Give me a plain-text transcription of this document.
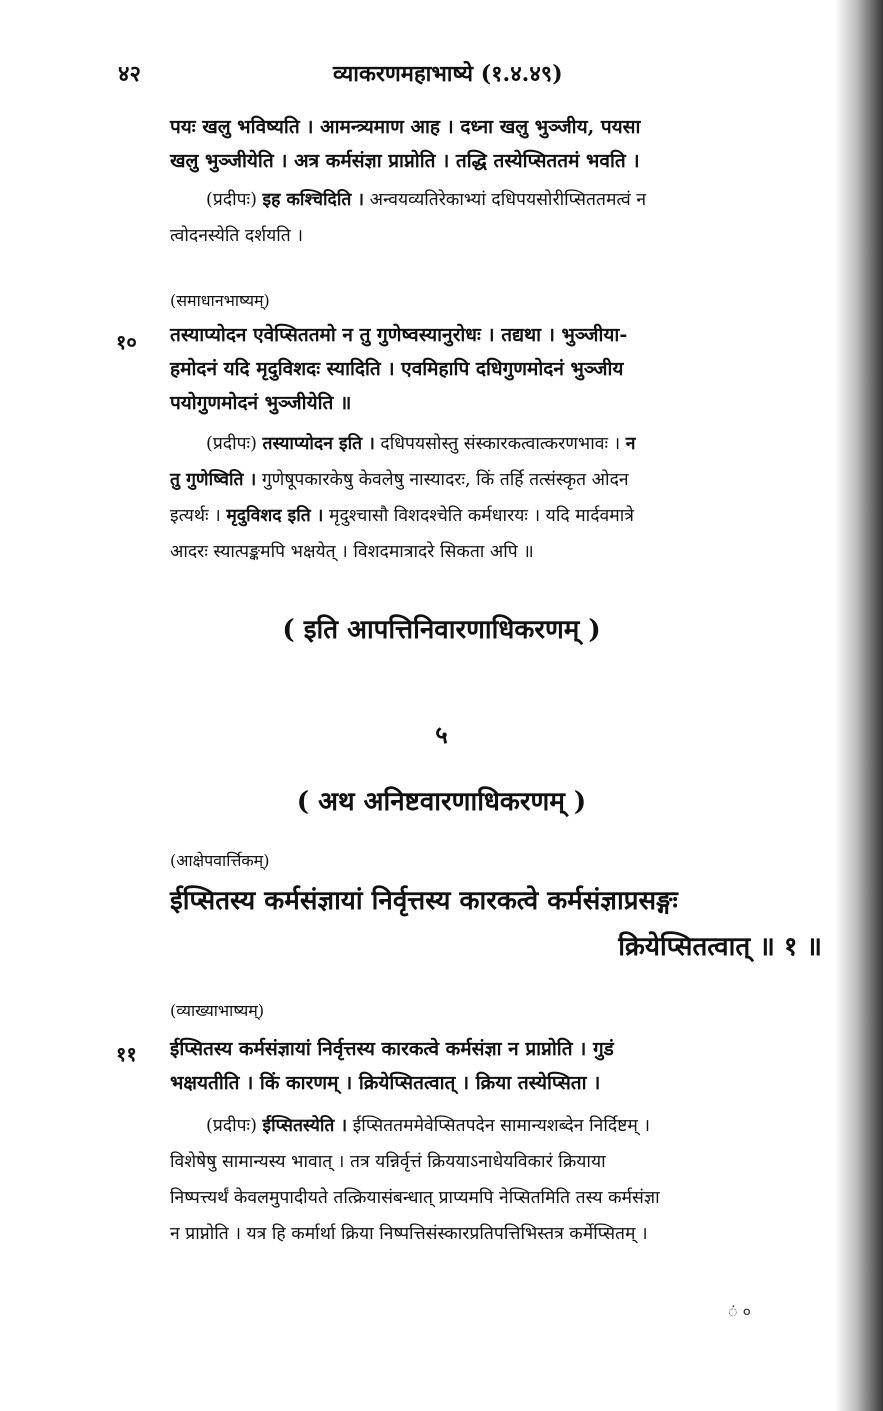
४२	व्याकरणमहाभाष्ये (१.४.४९)
पयः खलु भविष्यति । आमन्त्र्यमाण आह । दध्ना खलु भुञ्जीय, पयसा
खलु भुञ्जीयेति । अत्र कर्मसंज्ञा प्राप्नोति । तद्धि तस्येप्सिततमं भवति ।
(प्रदीपः) इह कश्चिदिति । अन्वयव्यतिरेकाभ्यां दधिपयसोरीप्सिततमत्वं न
त्वोदनस्येति दर्शयति ।
(समाधानभाष्यम्)
१० तस्याप्योदन एवेप्सिततमो न तु गुणेष्वस्यानुरोधः । तद्यथा । भुञ्जीया-
हमोदनं यदि मृदुविशदः स्यादिति । एवमिहापि दधिगुणमोदनं भुञ्जीय
पयोगुणमोदनं भुञ्जीयेति ॥
(प्रदीपः) तस्याप्योदन इति । दधिपयसोस्तु संस्कारकत्वात्करणभावः । न
तु गुणेष्विति । गुणेषूपकारकेषु केवलेषु नास्यादरः, किं तर्हि तत्संस्कृत ओदन
इत्यर्थः । मृदुविशद इति । मृदुश्चासौ विशदश्चेति कर्मधारयः । यदि मार्दवमात्रे
आदरः स्यात्पङ्कमपि भक्षयेत् । विशदमात्रादरे सिकता अपि ॥
( इति आपत्तिनिवारणाधिकरणम् )
५
( अथ अनिष्टवारणाधिकरणम् )
(आक्षेपवार्त्तिकम्)
ईप्सितस्य कर्मसंज्ञायां निर्वृत्तस्य कारकत्वे कर्मसंज्ञाप्रसङ्गः
क्रियेप्सितत्वात् ॥ १ ॥
(व्याख्याभाष्यम्)
११ ईप्सितस्य कर्मसंज्ञायां निर्वृत्तस्य कारकत्वे कर्मसंज्ञा न प्राप्नोति । गुडं
भक्षयतीति । किं कारणम् । क्रियेप्सितत्वात् । क्रिया तस्येप्सिता ।
(प्रदीपः) ईप्सितस्येति । ईप्सिततममेवेप्सितपदेन सामान्यशब्देन निर्दिष्टम् ।
विशेषेषु सामान्यस्य भावात् । तत्र यन्निर्वृत्तं क्रिययाऽनाधेयविकारं क्रियाया
निष्पत्त्यर्थं केवलमुपादीयते तत्क्रियासंबन्धात् प्राप्यमपि नेप्सितमिति तस्य कर्मसंज्ञा
न प्राप्नोति । यत्र हि कर्मार्था क्रिया निष्पत्तिसंस्कारप्रतिपत्तिभिस्तत्र कर्मेप्सितम् ।
ं ०
